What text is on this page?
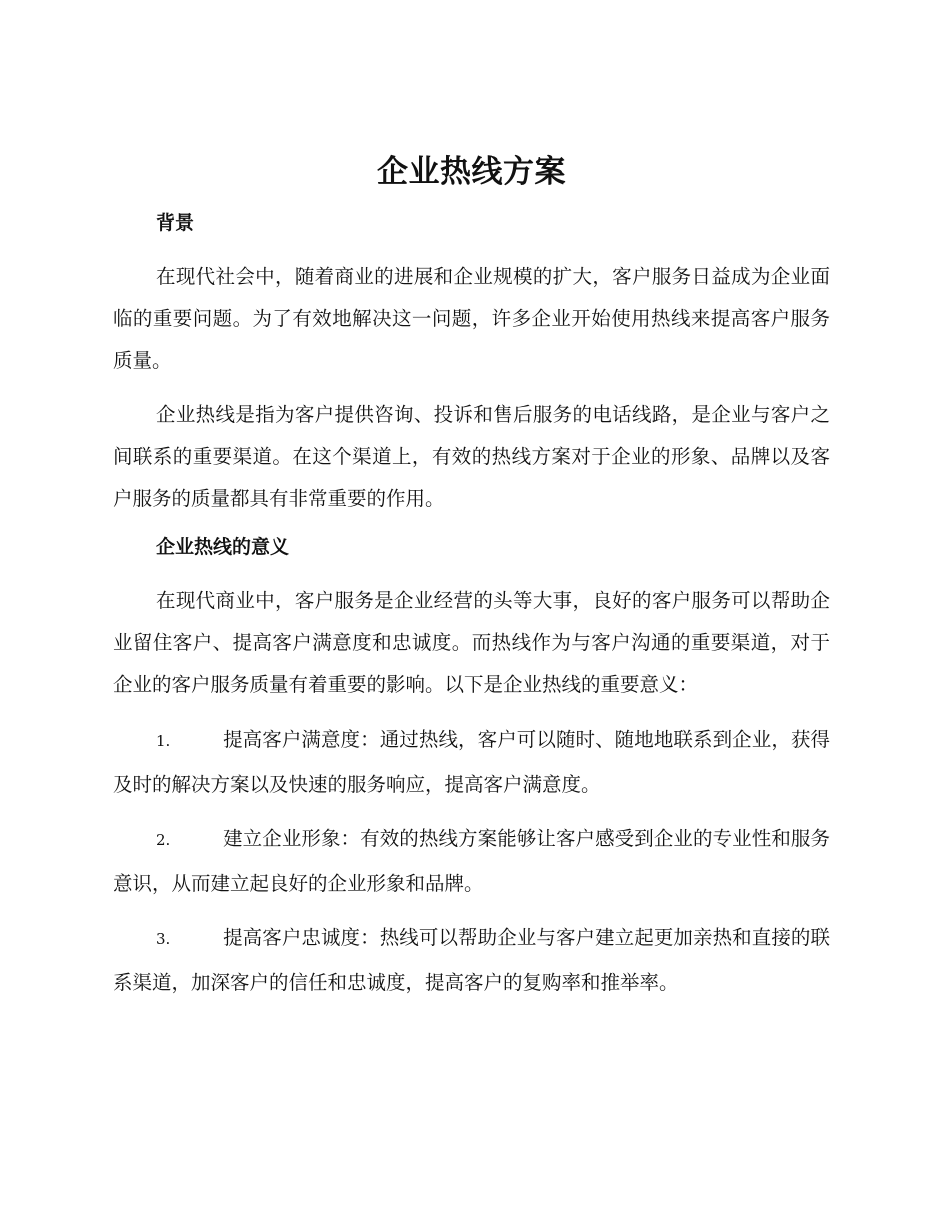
企业热线方案
背景

在现代社会中，随着商业的进展和企业规模的扩大，客户服务日益成为企业面临的重要问题。为了有效地解决这一问题，许多企业开始使用热线来提高客户服务质量。

企业热线是指为客户提供咨询、投诉和售后服务的电话线路，是企业与客户之间联系的重要渠道。在这个渠道上，有效的热线方案对于企业的形象、品牌以及客户服务的质量都具有非常重要的作用。

企业热线的意义

在现代商业中，客户服务是企业经营的头等大事，良好的客户服务可以帮助企业留住客户、提高客户满意度和忠诚度。而热线作为与客户沟通的重要渠道，对于企业的客户服务质量有着重要的影响。以下是企业热线的重要意义：

1.	提高客户满意度：通过热线，客户可以随时、随地地联系到企业，获得及时的解决方案以及快速的服务响应，提高客户满意度。

2.	建立企业形象：有效的热线方案能够让客户感受到企业的专业性和服务意识，从而建立起良好的企业形象和品牌。

3.	提高客户忠诚度：热线可以帮助企业与客户建立起更加亲热和直接的联系渠道，加深客户的信任和忠诚度，提高客户的复购率和推举率。
